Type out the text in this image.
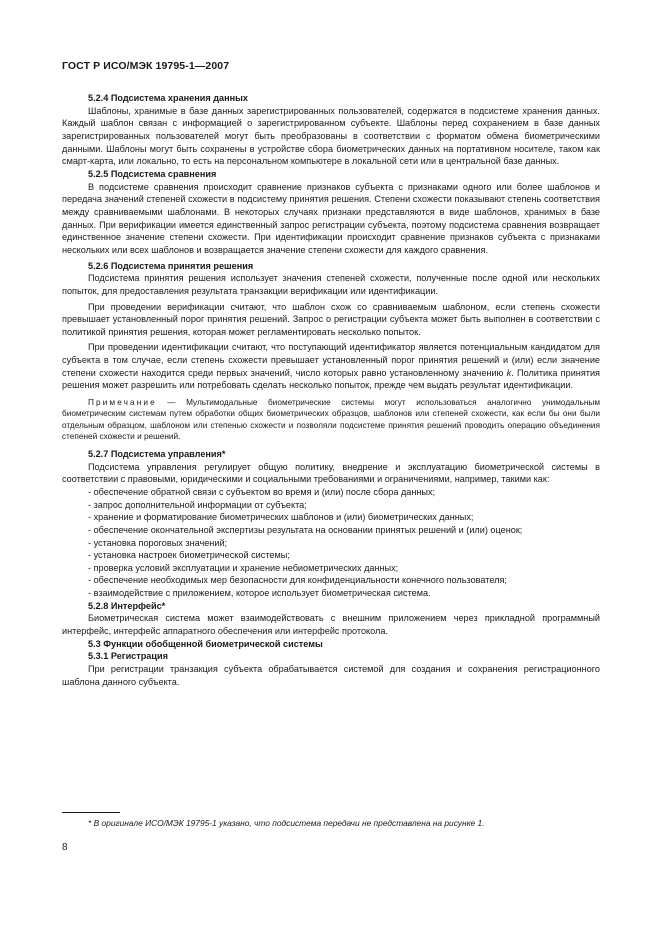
ГОСТ Р ИСО/МЭК 19795-1—2007
5.2.4 Подсистема хранения данных

Шаблоны, хранимые в базе данных зарегистрированных пользователей, содержатся в подсистеме хранения данных. Каждый шаблон связан с информацией о зарегистрированном субъекте. Шаблоны перед сохранением в базе данных зарегистрированных пользователей могут быть преобразованы в соответствии с форматом обмена биометрическими данными. Шаблоны могут быть сохранены в устройстве сбора биометрических данных на портативном носителе, таком как смарт-карта, или локально, то есть на персональном компьютере в локальной сети или в центральной базе данных.

5.2.5 Подсистема сравнения

В подсистеме сравнения происходит сравнение признаков субъекта с признаками одного или более шаблонов и передача значений степеней схожести в подсистему принятия решения. Степени схожести показывают степень соответствия между сравниваемыми шаблонами. В некоторых случаях признаки представляются в виде шаблонов, хранимых в базе данных. При верификации имеется единственный запрос регистрации субъекта, поэтому подсистема сравнения возвращает единственное значение степени схожести. При идентификации происходит сравнение признаков субъекта с признаками нескольких или всех шаблонов и возвращается значение степени схожести для каждого сравнения.

5.2.6 Подсистема принятия решения

Подсистема принятия решения использует значения степеней схожести, полученные после одной или нескольких попыток, для предоставления результата транзакции верификации или идентификации.

При проведении верификации считают, что шаблон схож со сравниваемым шаблоном, если степень схожести превышает установленный порог принятия решений. Запрос о регистрации субъекта может быть выполнен в соответствии с политикой принятия решения, которая может регламентировать несколько попыток.

При проведении идентификации считают, что поступающий идентификатор является потенциальным кандидатом для субъекта в том случае, если степень схожести превышает установленный порог принятия решений и (или) если значение степени схожести находится среди первых значений, число которых равно установленному значению k. Политика принятия решения может разрешить или потребовать сделать несколько попыток, прежде чем выдать результат идентификации.

Примечание — Мультимодальные биометрические системы могут использоваться аналогично унимодальным биометрическим системам путем обработки общих биометрических образцов, шаблонов или степеней схожести, как если бы они были отдельным образцом, шаблоном или степенью схожести и позволяли подсистеме принятия решений проводить операцию объединения степеней схожести и решений.

5.2.7 Подсистема управления*

Подсистема управления регулирует общую политику, внедрение и эксплуатацию биометрической системы в соответствии с правовыми, юридическими и социальными требованиями и ограничениями, например, такими как:

- обеспечение обратной связи с субъектом во время и (или) после сбора данных;
- запрос дополнительной информации от субъекта;
- хранение и форматирование биометрических шаблонов и (или) биометрических данных;
- обеспечение окончательной экспертизы результата на основании принятых решений и (или) оценок;
- установка пороговых значений;
- установка настроек биометрической системы;
- проверка условий эксплуатации и хранение небиометрических данных;
- обеспечение необходимых мер безопасности для конфиденциальности конечного пользователя;
- взаимодействие с приложением, которое использует биометрическая система.
5.2.8 Интерфейс*

Биометрическая система может взаимодействовать с внешним приложением через прикладной программный интерфейс, интерфейс аппаратного обеспечения или интерфейс протокола.

5.3 Функции обобщенной биометрической системы
5.3.1 Регистрация

При регистрации транзакция субъекта обрабатывается системой для создания и сохранения регистрационного шаблона данного субъекта.

* В оригинале ИСО/МЭК 19795-1 указано, что подсистема передачи не представлена на рисунке 1.
8
